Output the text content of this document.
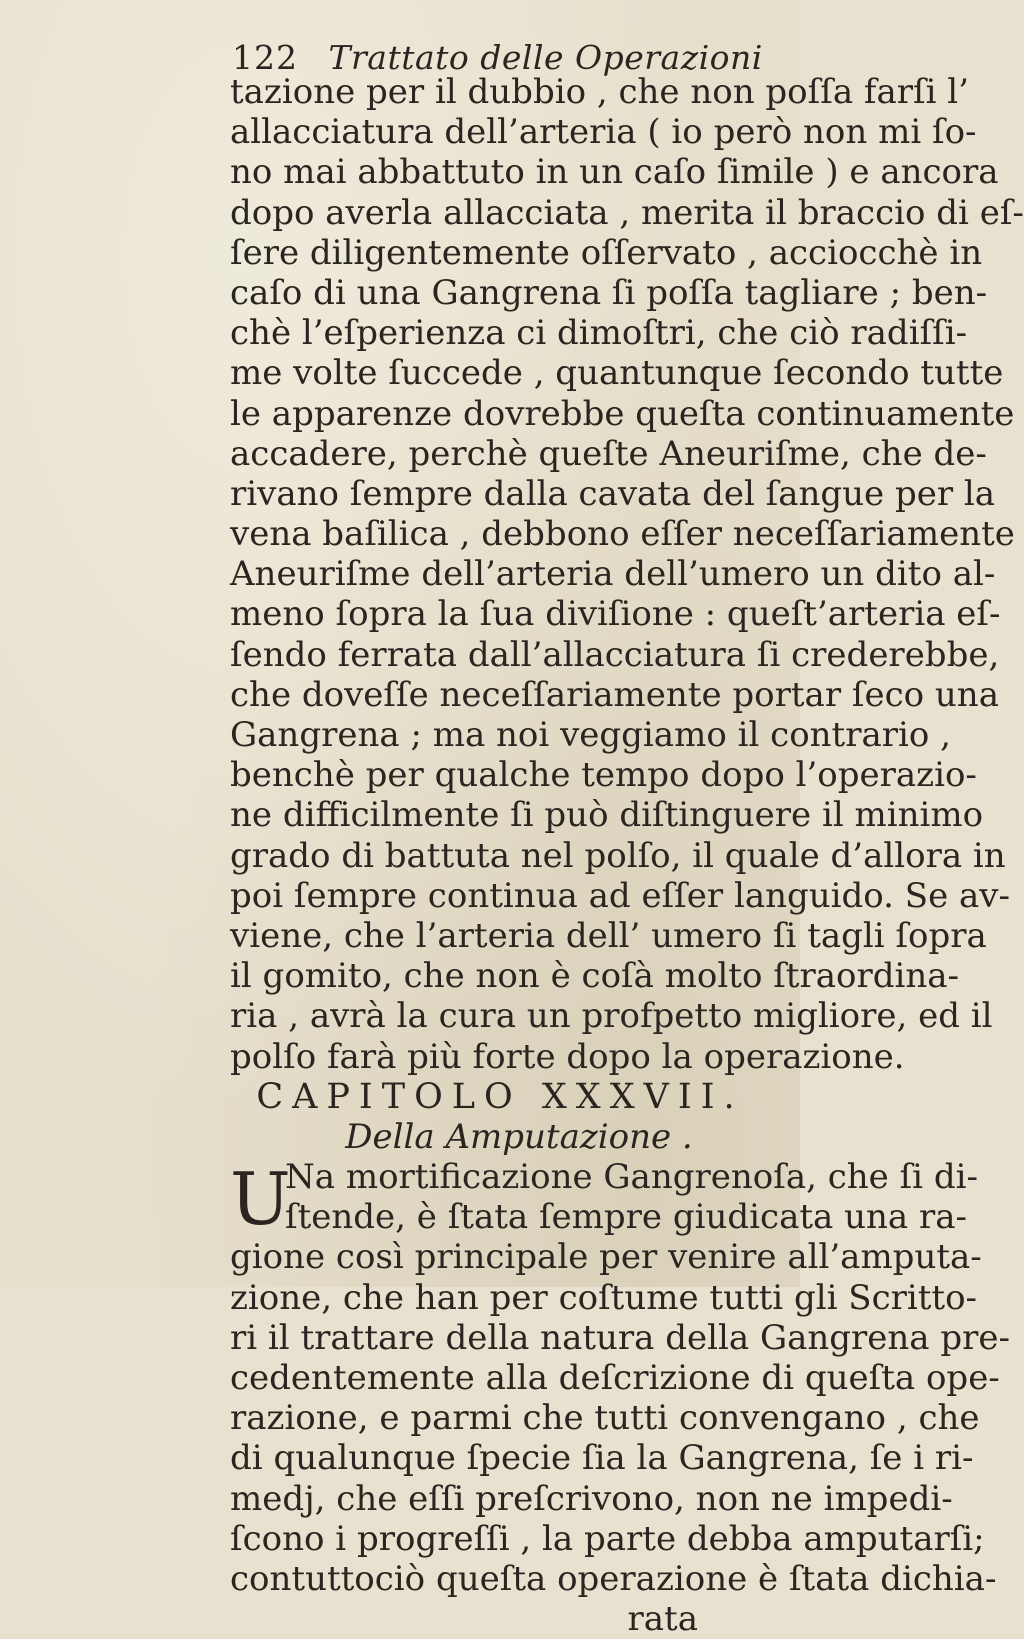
122 Trattato delle Operazioni
tazione per il dubbio , che non poſſa farſi l’
allacciatura dell’arteria ( io però non mi ſo-
no mai abbattuto in un caſo ſimile ) e ancora
dopo averla allacciata , merita il braccio di eſ-
ſere diligentemente oſſervato , acciocchè in
caſo di una Gangrena ſi poſſa tagliare ; ben-
chè l’eſperienza ci dimoſtri, che ciò radiſſi-
me volte ſuccede , quantunque ſecondo tutte
le apparenze dovrebbe queſta continuamente
accadere, perchè queſte Aneuriſme, che de-
rivano ſempre dalla cavata del ſangue per la
vena baſilica , debbono eſſer neceſſariamente
Aneuriſme dell’arteria dell’umero un dito al-
meno ſopra la ſua diviſione : queſt’arteria eſ-
ſendo ferrata dall’allacciatura ſi crederebbe,
che doveſſe neceſſariamente portar ſeco una
Gangrena ; ma noi veggiamo il contrario ,
benchè per qualche tempo dopo l’operazio-
ne difficilmente ſi può diſtinguere il minimo
grado di battuta nel polſo, il quale d’allora in
poi ſempre continua ad eſſer languido. Se av-
viene, che l’arteria dell’ umero ſi tagli ſopra
il gomito, che non è coſà molto ſtraordina-
ria , avrà la cura un profpetto migliore, ed il
polſo farà più forte dopo la operazione.
CAPITOLO XXXVII.
Della Amputazione .
U
Na mortificazione Gangrenoſa, che ſi di-
ſtende, è ſtata ſempre giudicata una ra-
gione così principale per venire all’amputa-
zione, che han per coſtume tutti gli Scritto-
ri il trattare della natura della Gangrena pre-
cedentemente alla deſcrizione di queſta ope-
razione, e parmi che tutti convengano , che
di qualunque ſpecie ſia la Gangrena, ſe i ri-
medj, che eſſi preſcrivono, non ne impedi-
ſcono i progreſſi , la parte debba amputarſi;
contuttociò queſta operazione è ſtata dichia-
rata
